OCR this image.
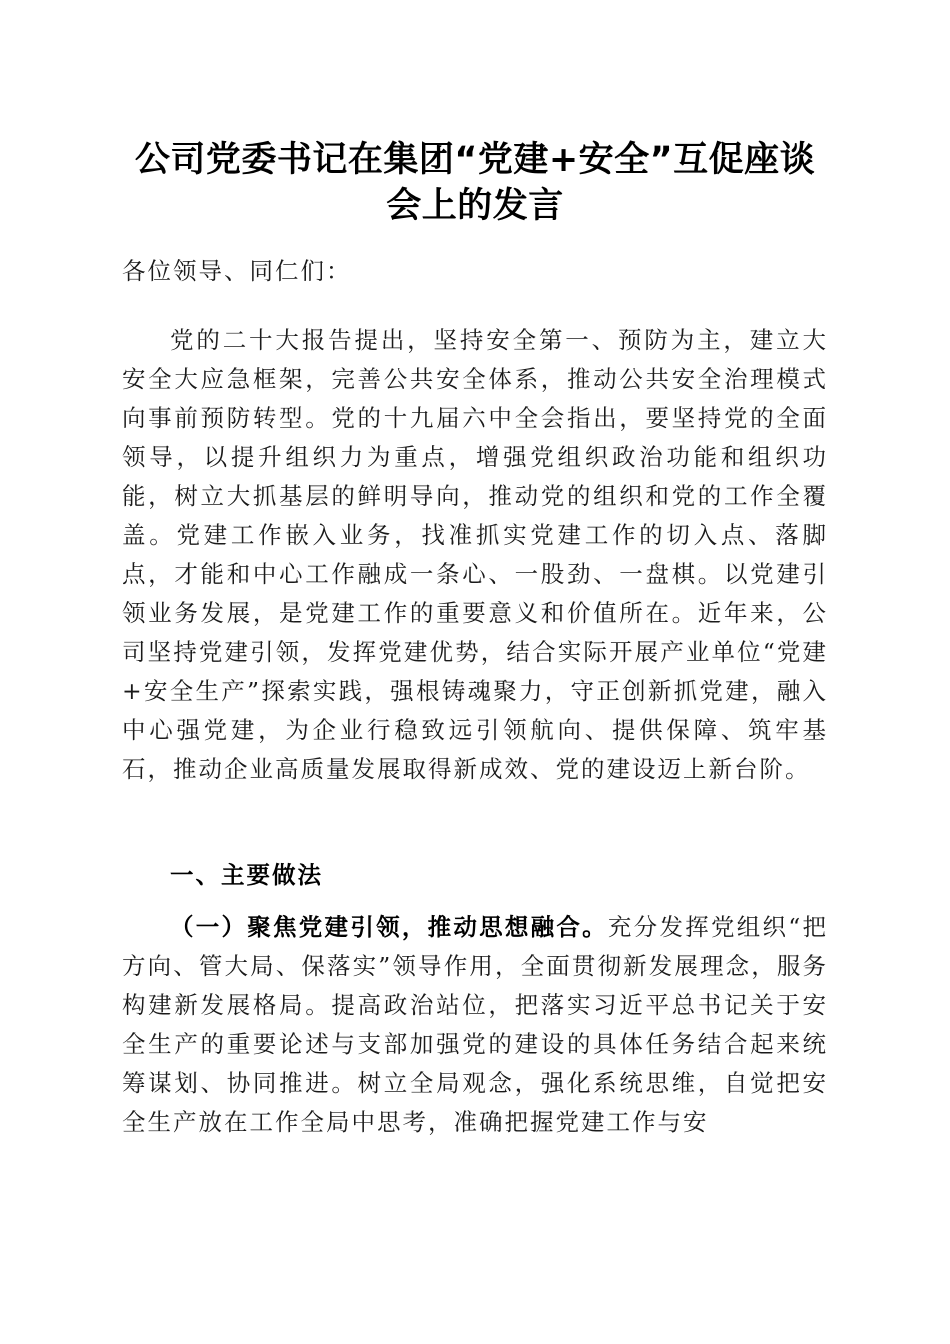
公司党委书记在集团“党建+安全”互促座谈
会上的发言

各位领导、同仁们：

党的二十大报告提出，坚持安全第一、预防为主，建立大安全大应急框架，完善公共安全体系，推动公共安全治理模式向事前预防转型。党的十九届六中全会指出，要坚持党的全面领导，以提升组织力为重点，增强党组织政治功能和组织功能，树立大抓基层的鲜明导向，推动党的组织和党的工作全覆盖。党建工作嵌入业务，找准抓实党建工作的切入点、落脚点，才能和中心工作融成一条心、一股劲、一盘棋。以党建引领业务发展，是党建工作的重要意义和价值所在。近年来，公司坚持党建引领，发挥党建优势，结合实际开展产业单位“党建+安全生产”探索实践，强根铸魂聚力，守正创新抓党建，融入中心强党建，为企业行稳致远引领航向、提供保障、筑牢基石，推动企业高质量发展取得新成效、党的建设迈上新台阶。

一、主要做法

（一）聚焦党建引领，推动思想融合。充分发挥党组织“把方向、管大局、保落实”领导作用，全面贯彻新发展理念，服务构建新发展格局。提高政治站位，把落实习近平总书记关于安全生产的重要论述与支部加强党的建设的具体任务结合起来统筹谋划、协同推进。树立全局观念，强化系统思维，自觉把安全生产放在工作全局中思考，准确把握党建工作与安
